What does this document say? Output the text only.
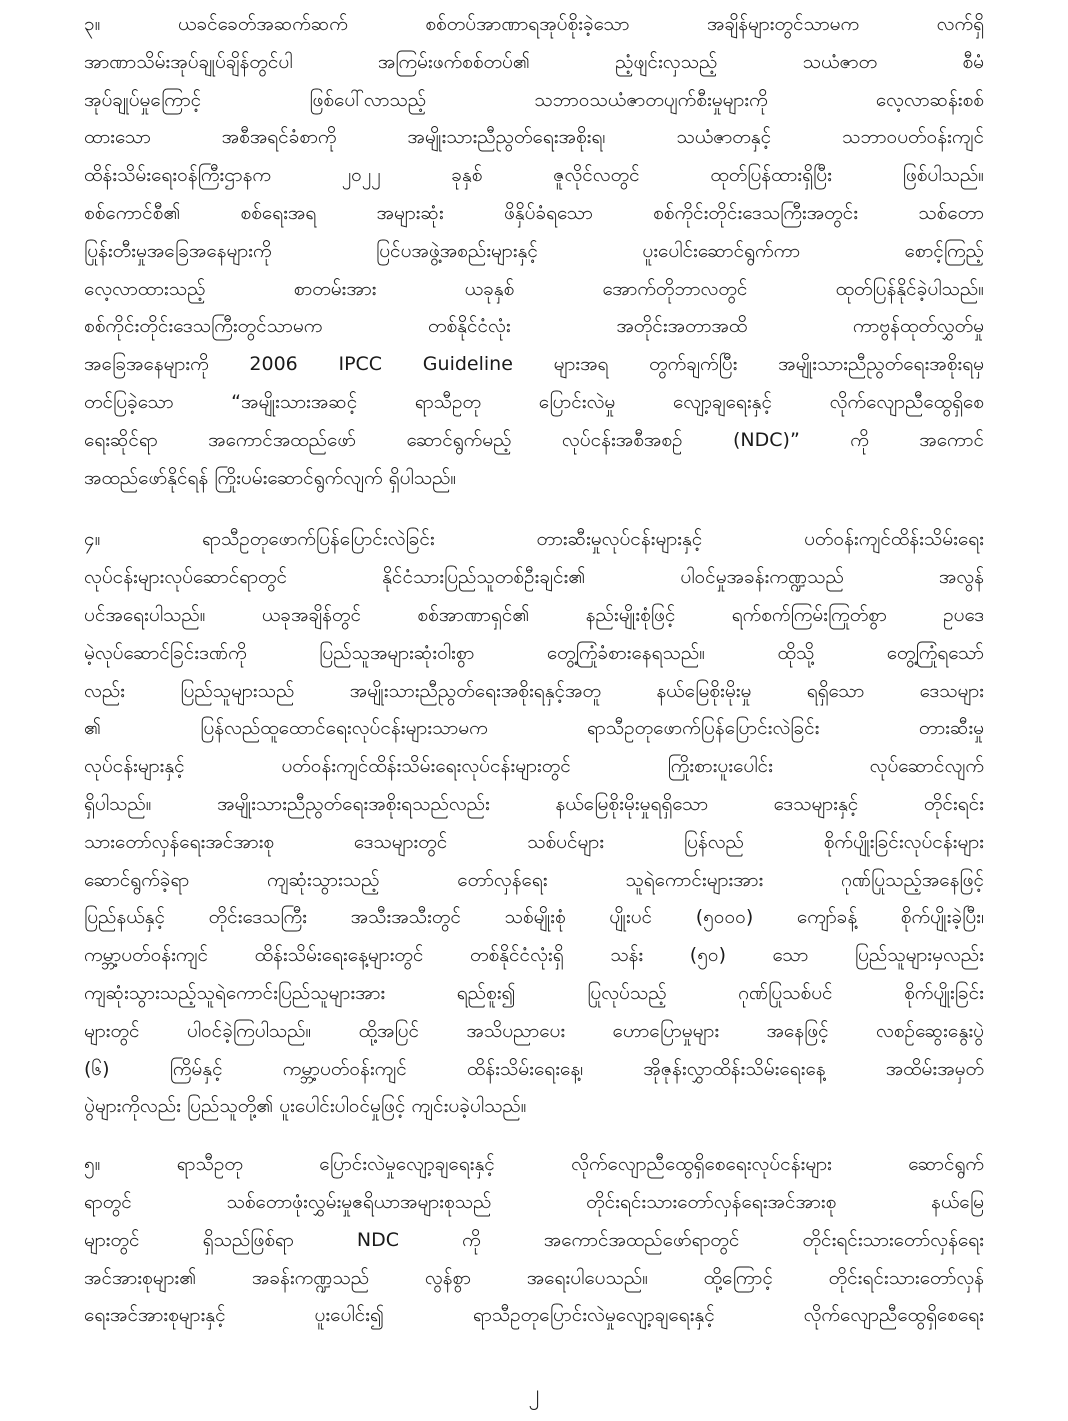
၃။ ယခင်ခေတ်အဆက်ဆက် စစ်တပ်အာဏာရအုပ်စိုးခဲ့သော အချိန်များတွင်သာမက လက်ရှိ
အာဏာသိမ်းအုပ်ချုပ်ချိန်တွင်ပါ အကြမ်းဖက်စစ်တပ်၏ ညံ့ဖျင်းလှသည့် သယံဇာတ စီမံ
အုပ်ချုပ်မှုကြောင့် ဖြစ်ပေါ်လာသည့် သဘာဝသယံဇာတပျက်စီးမှုများကို လေ့လာဆန်းစစ်
ထားသော အစီအရင်ခံစာကို အမျိုးသားညီညွတ်ရေးအစိုးရ၊ သယံဇာတနှင့် သဘာဝပတ်ဝန်းကျင်
ထိန်းသိမ်းရေးဝန်ကြီးဌာနက ၂၀၂၂ ခုနှစ် ဇူလိုင်လတွင် ထုတ်ပြန်ထားရှိပြီး ဖြစ်ပါသည်။
စစ်ကောင်စီ၏ စစ်ရေးအရ အများဆုံး ဖိနှိပ်ခံရသော စစ်ကိုင်းတိုင်းဒေသကြီးအတွင်း သစ်တော
ပြုန်းတီးမှုအခြေအနေများကို ပြင်ပအဖွဲ့အစည်းများနှင့် ပူးပေါင်းဆောင်ရွက်ကာ စောင့်ကြည့်
လေ့လာထားသည့် စာတမ်းအား ယခုနှစ် အောက်တိုဘာလတွင် ထုတ်ပြန်နိုင်ခဲ့ပါသည်။
စစ်ကိုင်းတိုင်းဒေသကြီးတွင်သာမက တစ်နိုင်ငံလုံး အတိုင်းအတာအထိ ကာဗွန်ထုတ်လွှတ်မှု
အခြေအနေများကို 2006 IPCC Guideline များအရ တွက်ချက်ပြီး အမျိုးသားညီညွတ်ရေးအစိုးရမှ
တင်ပြခဲ့သော “အမျိုးသားအဆင့် ရာသီဥတု ပြောင်းလဲမှု လျော့ချရေးနှင့် လိုက်လျောညီထွေရှိစေ
ရေးဆိုင်ရာ အကောင်အထည်ဖော် ဆောင်ရွက်မည့် လုပ်ငန်းအစီအစဉ် (NDC)” ကို အကောင်
အထည်ဖော်နိုင်ရန် ကြိုးပမ်းဆောင်ရွက်လျက် ရှိပါသည်။
၄။ ရာသီဥတုဖောက်ပြန်ပြောင်းလဲခြင်း တားဆီးမှုလုပ်ငန်းများနှင့် ပတ်ဝန်းကျင်ထိန်းသိမ်းရေး
လုပ်ငန်းများလုပ်ဆောင်ရာတွင် နိုင်ငံသားပြည်သူတစ်ဦးချင်း၏ ပါဝင်မှုအခန်းကဏ္ဍသည် အလွန်
ပင်အရေးပါသည်။ ယခုအချိန်တွင် စစ်အာဏာရှင်၏ နည်းမျိုးစုံဖြင့် ရက်စက်ကြမ်းကြုတ်စွာ ဥပဒေ
မဲ့လုပ်ဆောင်ခြင်းဒဏ်ကို ပြည်သူအများဆုံးဝါးစွာ တွေ့ကြုံခံစားနေရသည်။ ထိုသို့ တွေ့ကြုံရသော်
လည်း ပြည်သူများသည် အမျိုးသားညီညွတ်ရေးအစိုးရနှင့်အတူ နယ်မြေစိုးမိုးမှု ရရှိသော ဒေသများ
၏ ပြန်လည်ထူထောင်ရေးလုပ်ငန်းများသာမက ရာသီဥတုဖောက်ပြန်ပြောင်းလဲခြင်း တားဆီးမှု
လုပ်ငန်းများနှင့် ပတ်ဝန်းကျင်ထိန်းသိမ်းရေးလုပ်ငန်းများတွင် ကြိုးစားပူးပေါင်း လုပ်ဆောင်လျက်
ရှိပါသည်။ အမျိုးသားညီညွတ်ရေးအစိုးရသည်လည်း နယ်မြေစိုးမိုးမှုရရှိသော ဒေသများနှင့် တိုင်းရင်း
သားတော်လှန်ရေးအင်အားစု ဒေသများတွင် သစ်ပင်များ ပြန်လည် စိုက်ပျိုးခြင်းလုပ်ငန်းများ
ဆောင်ရွက်ခဲ့ရာ ကျဆုံးသွားသည့် တော်လှန်ရေး သူရဲကောင်းများအား ဂုဏ်ပြုသည့်အနေဖြင့်
ပြည်နယ်နှင့် တိုင်းဒေသကြီး အသီးအသီးတွင် သစ်မျိုးစုံ ပျိုးပင် (၅၀၀၀) ကျော်ခန့် စိုက်ပျိုးခဲ့ပြီး၊
ကမ္ဘာ့ပတ်ဝန်းကျင် ထိန်းသိမ်းရေးနေ့များတွင် တစ်နိုင်ငံလုံးရှိ သန်း (၅၀) သော ပြည်သူများမှလည်း
ကျဆုံးသွားသည့်သူရဲကောင်းပြည်သူများအား ရည်စူး၍ ပြုလုပ်သည့် ဂုဏ်ပြုသစ်ပင် စိုက်ပျိုးခြင်း
များတွင် ပါဝင်ခဲ့ကြပါသည်။ ထို့အပြင် အသိပညာပေး ဟောပြောမှုများ အနေဖြင့် လစဉ်ဆွေးနွေးပွဲ
(၆) ကြိမ်နှင့် ကမ္ဘာ့ပတ်ဝန်းကျင် ထိန်းသိမ်းရေးနေ့၊ အိုဇုန်းလွှာထိန်းသိမ်းရေးနေ့ အထိမ်းအမှတ်
ပွဲများကိုလည်း ပြည်သူတို့၏ ပူးပေါင်းပါဝင်မှုဖြင့် ကျင်းပခဲ့ပါသည်။
၅။ ရာသီဥတု ပြောင်းလဲမှုလျော့ချရေးနှင့် လိုက်လျောညီထွေရှိစေရေးလုပ်ငန်းများ ဆောင်ရွက်
ရာတွင် သစ်တောဖုံးလွှမ်းမှုဧရိယာအများစုသည် တိုင်းရင်းသားတော်လှန်ရေးအင်အားစု နယ်မြေ
များတွင် ရှိသည်ဖြစ်ရာ NDC ကို အကောင်အထည်ဖော်ရာတွင် တိုင်းရင်းသားတော်လှန်ရေး
အင်အားစုများ၏ အခန်းကဏ္ဍသည် လွန်စွာ အရေးပါပေသည်။ ထို့ကြောင့် တိုင်းရင်းသားတော်လှန်
ရေးအင်အားစုများနှင့် ပူးပေါင်း၍ ရာသီဥတုပြောင်းလဲမှုလျော့ချရေးနှင့် လိုက်လျောညီထွေရှိစေရေး
၂
